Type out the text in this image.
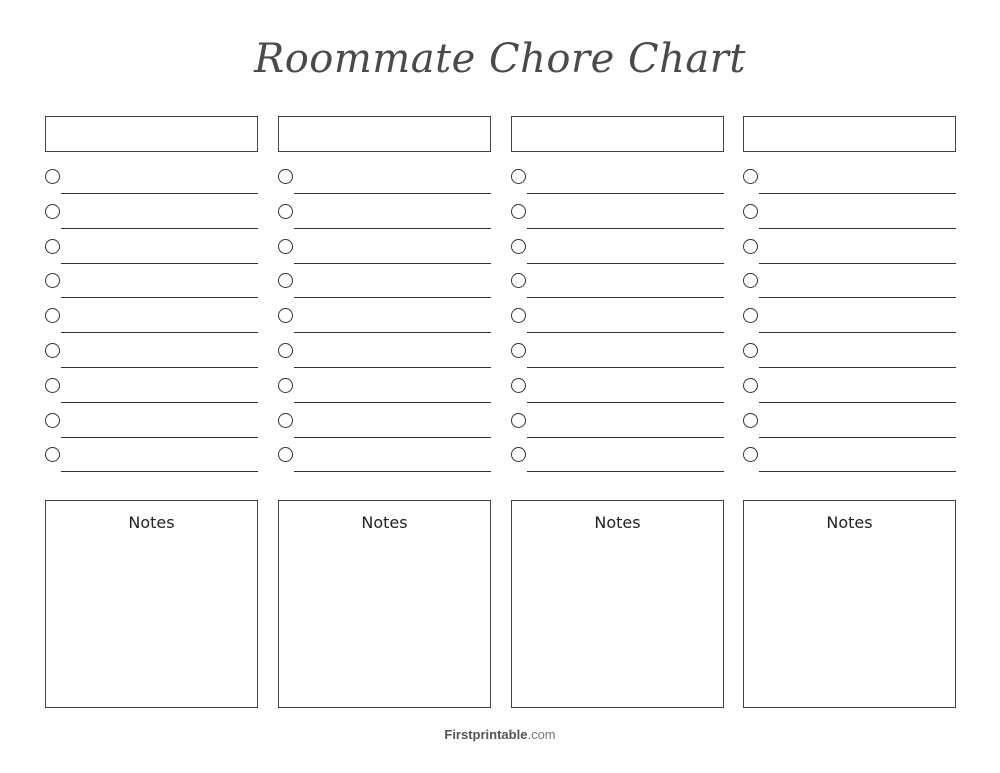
Roommate Chore Chart
Notes	Notes	Notes	Notes
Firstprintable.com
